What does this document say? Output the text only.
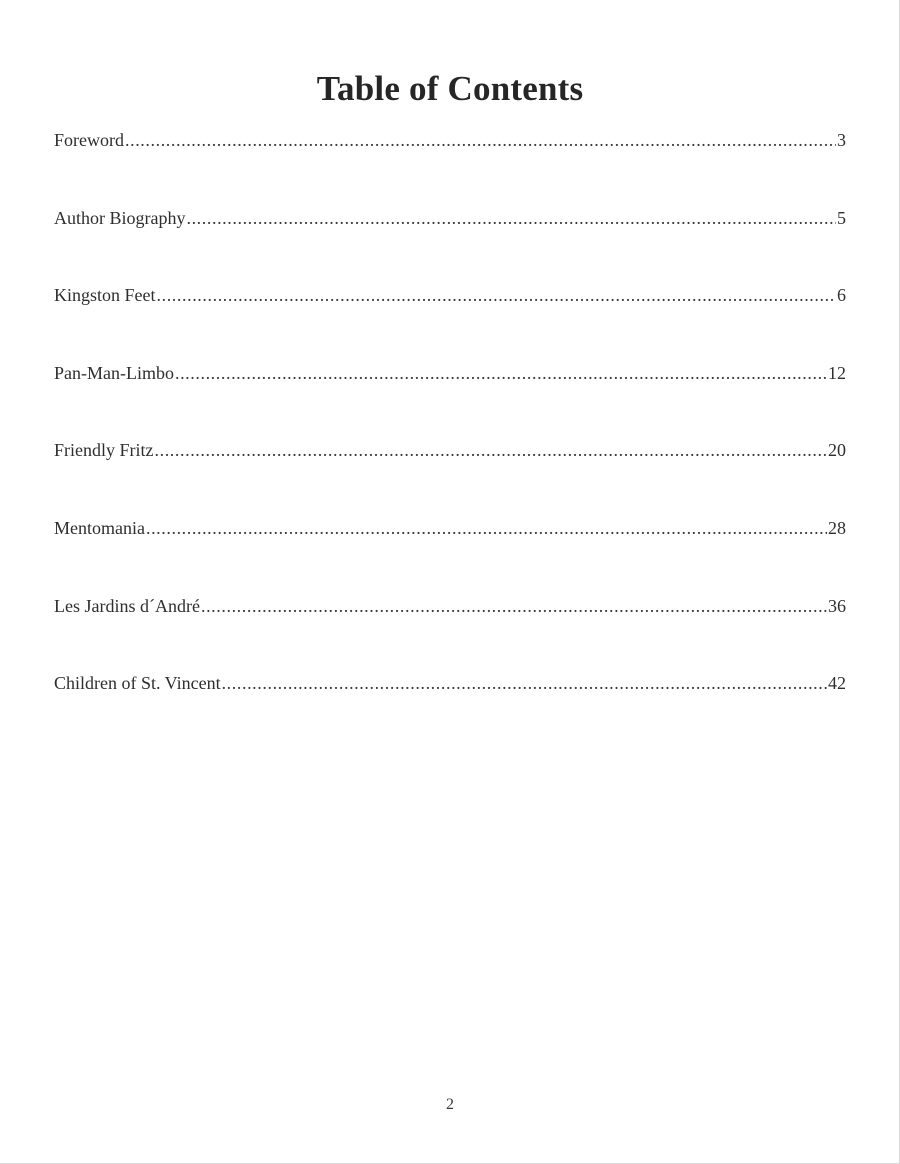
Table of Contents
Foreword .....	3
Author Biography .....	5
Kingston Feet .....	6
Pan-Man-Limbo .....	12
Friendly Fritz .....	20
Mentomania .....	28
Les Jardins d´André .....	36
Children of St. Vincent .....	42
2
